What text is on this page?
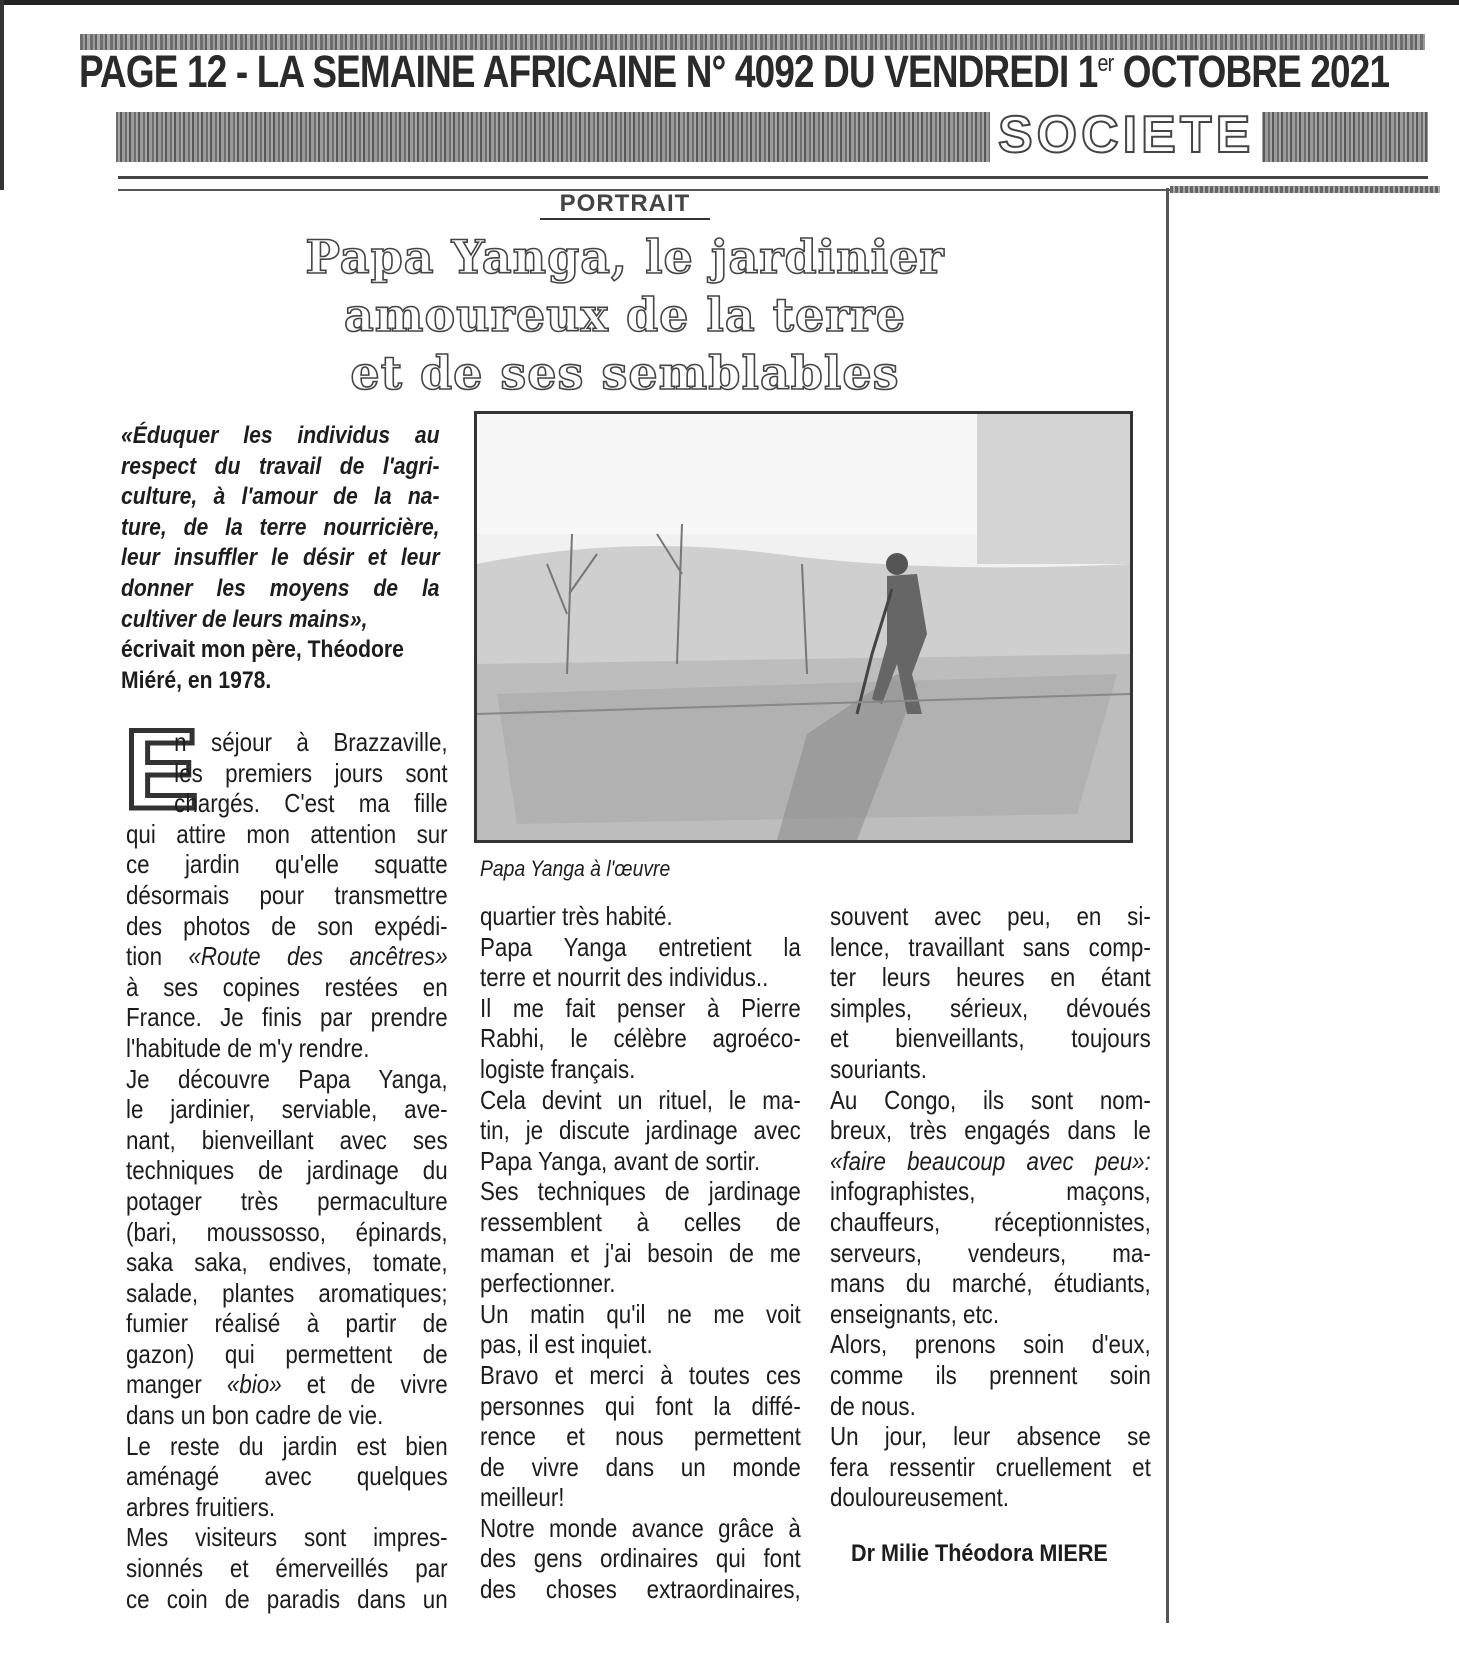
PAGE 12 - LA SEMAINE AFRICAINE N° 4092 DU VENDREDI 1er OCTOBRE 2021
SOCIETE
PORTRAIT
Papa Yanga, le jardinier
amoureux de la terre
et de ses semblables
«Éduquer les individus au
respect du travail de l'agri-
culture, à l'amour de la na-
ture, de la terre nourricière,
leur insuffler le désir et leur
donner les moyens de la
cultiver de leurs mains»,
écrivait mon père, Théodore
Miéré, en 1978.
Papa Yanga à l'œuvre
E
n séjour à Brazzaville,
les premiers jours sont
chargés. C'est ma fille
qui attire mon attention sur
ce jardin qu'elle squatte
désormais pour transmettre
des photos de son expédi-
tion «Route des ancêtres»
à ses copines restées en
France. Je finis par prendre
l'habitude de m'y rendre.
Je découvre Papa Yanga,
le jardinier, serviable, ave-
nant, bienveillant avec ses
techniques de jardinage du
potager très permaculture
(bari, moussosso, épinards,
saka saka, endives, tomate,
salade, plantes aromatiques;
fumier réalisé à partir de
gazon) qui permettent de
manger «bio» et de vivre
dans un bon cadre de vie.
Le reste du jardin est bien
aménagé avec quelques
arbres fruitiers.
Mes visiteurs sont impres-
sionnés et émerveillés par
ce coin de paradis dans un
quartier très habité.
Papa Yanga entretient la
terre et nourrit des individus..
Il me fait penser à Pierre
Rabhi, le célèbre agroéco-
logiste français.
Cela devint un rituel, le ma-
tin, je discute jardinage avec
Papa Yanga, avant de sortir.
Ses techniques de jardinage
ressemblent à celles de
maman et j'ai besoin de me
perfectionner.
Un matin qu'il ne me voit
pas, il est inquiet.
Bravo et merci à toutes ces
personnes qui font la diffé-
rence et nous permettent
de vivre dans un monde
meilleur!
Notre monde avance grâce à
des gens ordinaires qui font
des choses extraordinaires,
souvent avec peu, en si-
lence, travaillant sans comp-
ter leurs heures en étant
simples, sérieux, dévoués
et bienveillants, toujours
souriants.
Au Congo, ils sont nom-
breux, très engagés dans le
«faire beaucoup avec peu»:
infographistes, maçons,
chauffeurs, réceptionnistes,
serveurs, vendeurs, ma-
mans du marché, étudiants,
enseignants, etc.
Alors, prenons soin d'eux,
comme ils prennent soin
de nous.
Un jour, leur absence se
fera ressentir cruellement et
douloureusement.
Dr Milie Théodora MIERE
